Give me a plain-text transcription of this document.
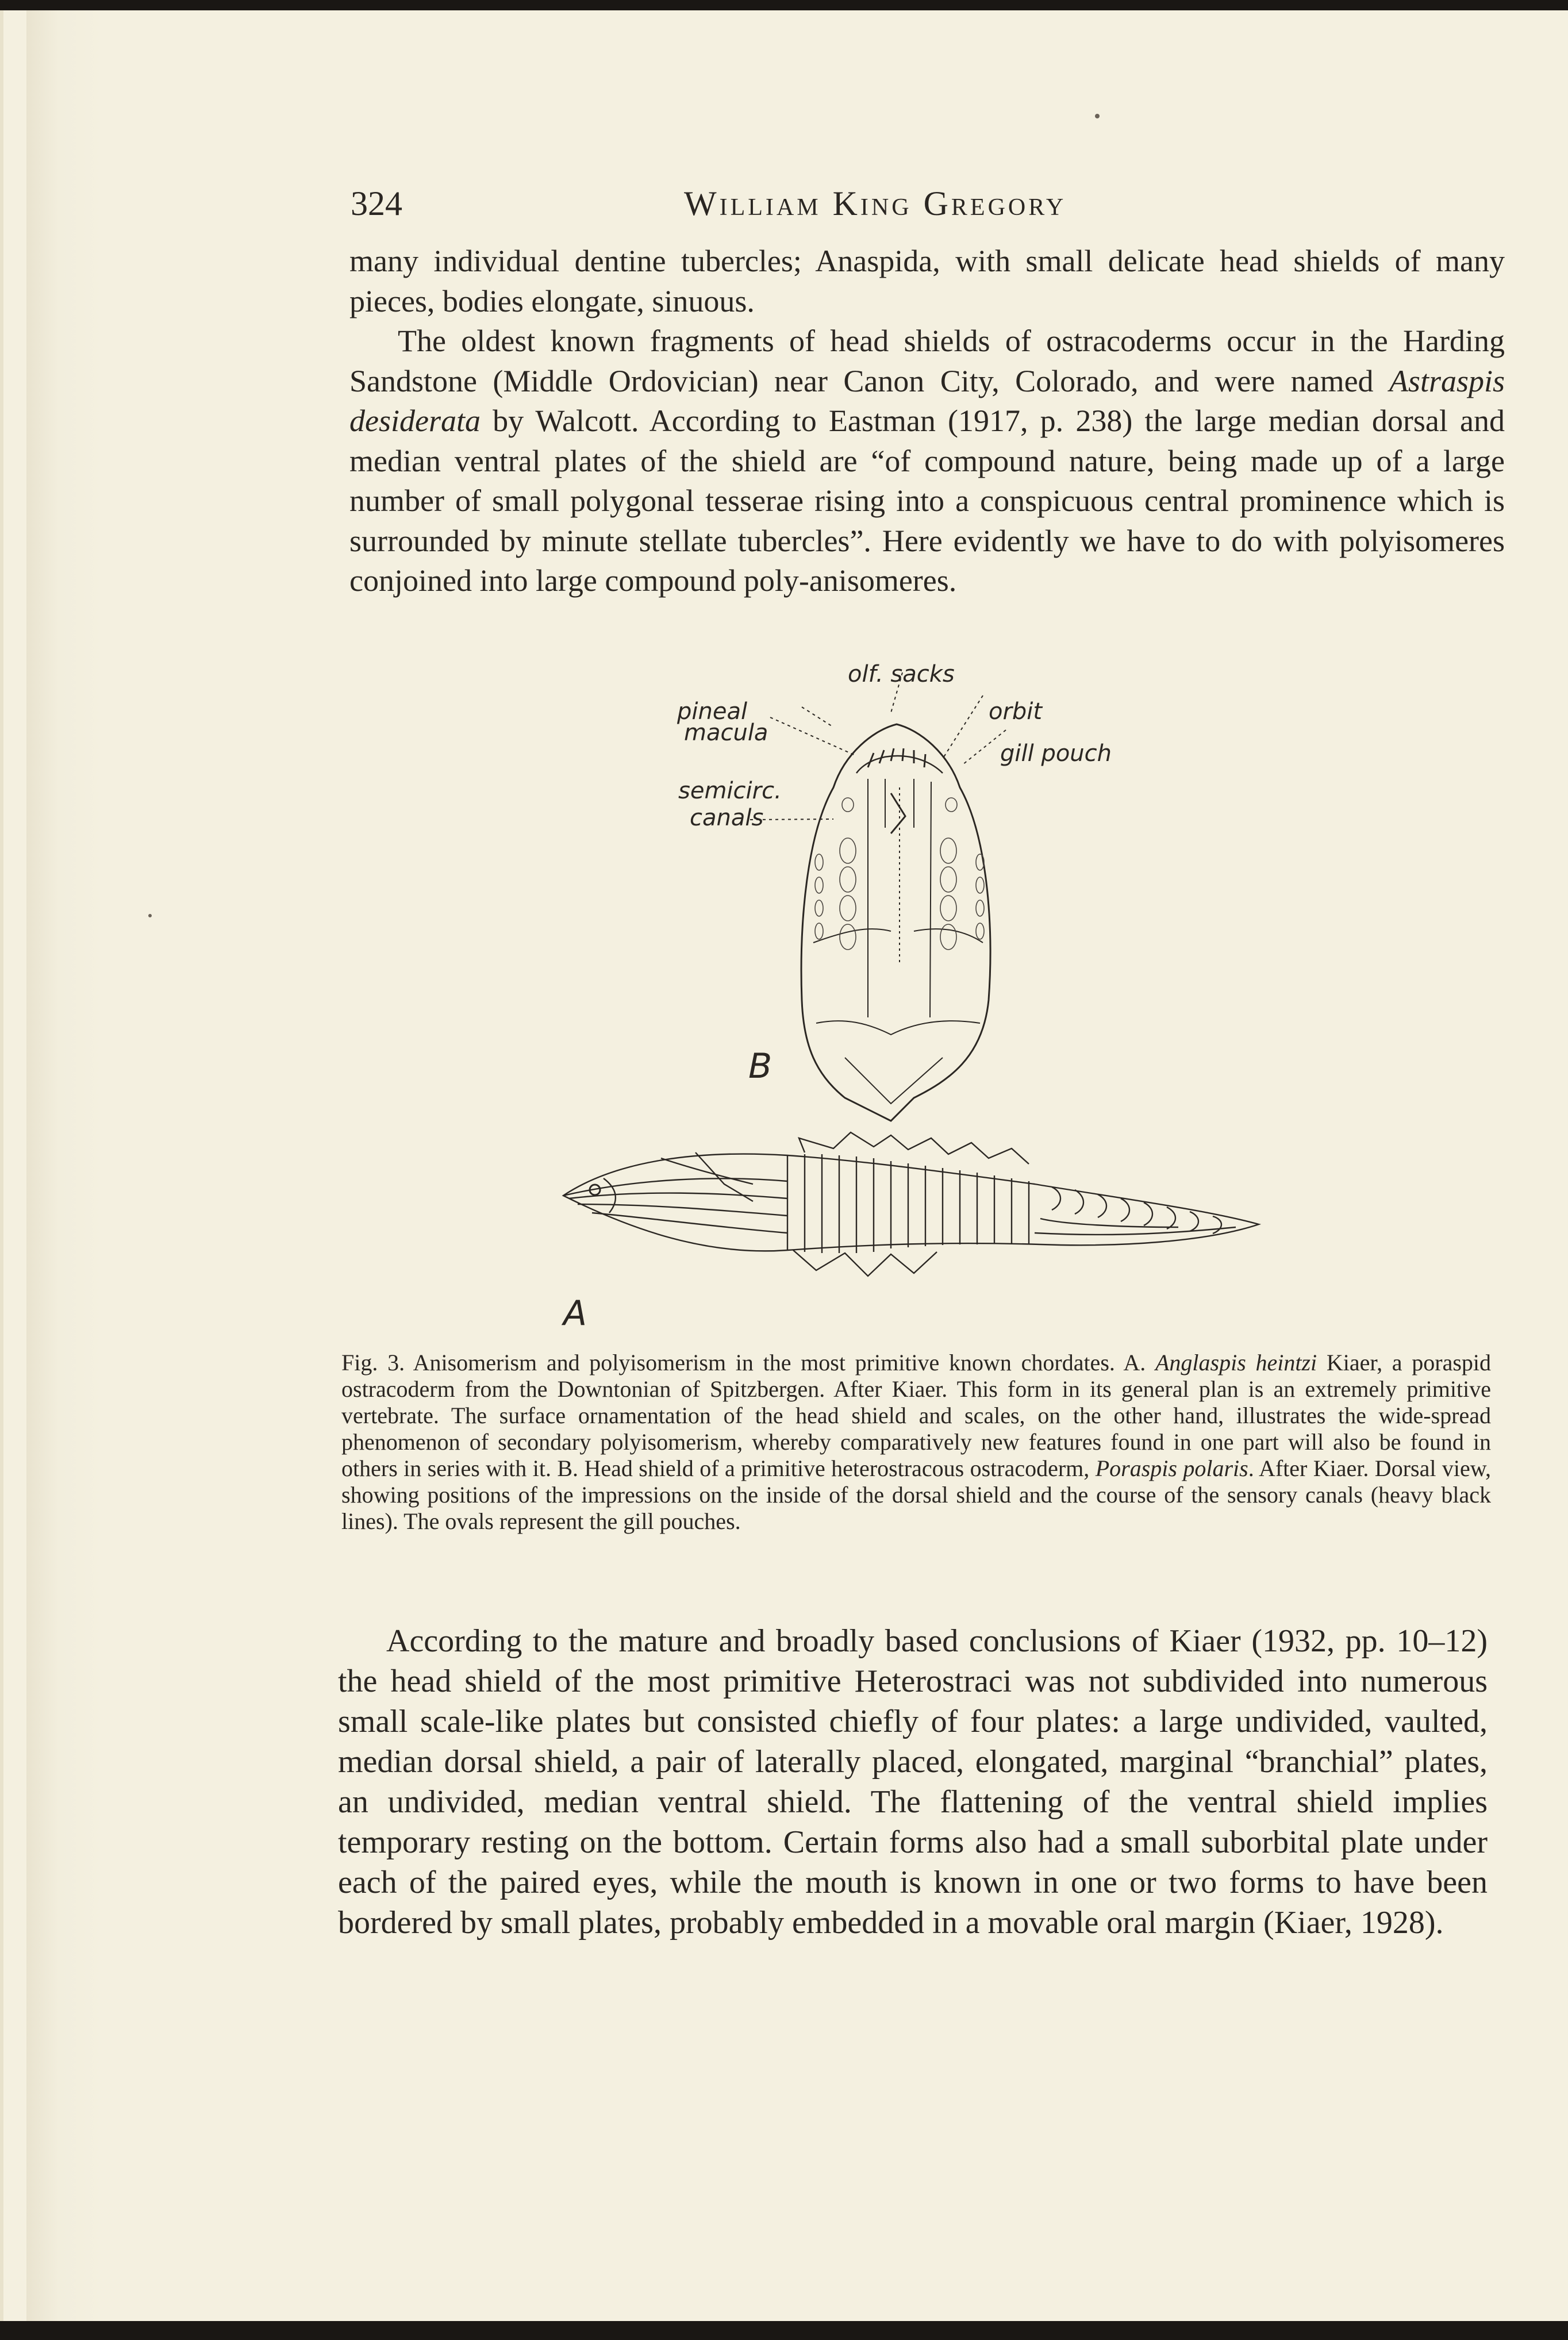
324	William King Gregory

many individual dentine tubercles; Anaspida, with small delicate head shields of many pieces, bodies elongate, sinuous.

The oldest known fragments of head shields of ostracoderms occur in the Harding Sandstone (Middle Ordovician) near Canon City, Colorado, and were named Astraspis desiderata by Walcott. According to Eastman (1917, p. 238) the large median dorsal and median ventral plates of the shield are “of compound nature, being made up of a large number of small polygonal tesserae rising into a conspicuous central prominence which is surrounded by minute stellate tubercles”. Here evidently we have to do with polyisomeres conjoined into large compound poly-anisomeres.

olf. sacks
pineal
macula
orbit
gill pouch
semicirc.
canals
B
A

Fig. 3. Anisomerism and polyisomerism in the most primitive known chordates. A. Anglaspis heintzi Kiaer, a poraspid ostracoderm from the Downtonian of Spitzbergen. After Kiaer. This form in its general plan is an extremely primitive vertebrate. The surface ornamentation of the head shield and scales, on the other hand, illustrates the wide-spread phenomenon of secondary polyisomerism, whereby comparatively new features found in one part will also be found in others in series with it. B. Head shield of a primitive heterostracous ostracoderm, Poraspis polaris. After Kiaer. Dorsal view, showing positions of the impressions on the inside of the dorsal shield and the course of the sensory canals (heavy black lines). The ovals represent the gill pouches.

According to the mature and broadly based conclusions of Kiaer (1932, pp. 10–12) the head shield of the most primitive Heterostraci was not subdivided into numerous small scale-like plates but consisted chiefly of four plates: a large undivided, vaulted, median dorsal shield, a pair of laterally placed, elongated, marginal “branchial” plates, an undivided, median ventral shield. The flattening of the ventral shield implies temporary resting on the bottom. Certain forms also had a small suborbital plate under each of the paired eyes, while the mouth is known in one or two forms to have been bordered by small plates, probably embedded in a movable oral margin (Kiaer, 1928).
